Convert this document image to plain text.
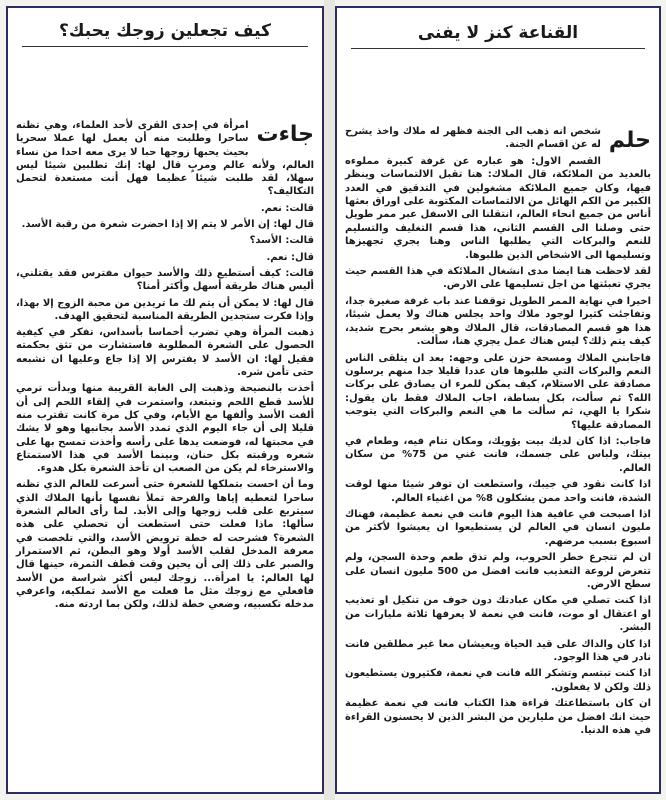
القناعة كنز لا يفنى
حلم

شخص انه ذهب الى الجنة فظهر له ملاك واخذ يشرح له عن اقسام الجنة.

القسم الاول: هو عباره عن غرفة كبيرة مملوءه بالعديد من الملائكة، قال الملاك: هنا تقبل الالتماسات وينظر فيها، وكان جميع الملائكة مشغولين في التدقيق في العدد الكبير من الكم الهائل من الالتماسات المكتوبة على اوراق بعثها أناس من جميع انحاء العالم، انتقلنا الى الاسفل عبر ممر طويل حتى وصلنا الى القسم الثاني، هذا قسم التغليف والتسليم للنعم والبركات التي يطلبها الناس وهنا يجري تجهيزها وتسليمها الى الاشخاص الذين طلبوها.

لقد لاحظت هنا ايضا مدى انشغال الملائكة في هذا القسم حيث يجري تعبئتها من اجل تسليمها على الارض.

اخيرا في نهاية الممر الطويل توقفنا عند باب غرفة صغيرة جدا، وتفاجئت كثيرا لوجود ملاك واحد يجلس هناك ولا يعمل شيئا، هذا هو قسم المصادقات، قال الملاك وهو يشعر بحرج شديد، كيف يتم ذلك؟ ليس هناك عمل يجري هنا، سألت.

فاجابني الملاك ومسحة حزن على وجهه: بعد ان يتلقى الناس النعم والبركات التي طلبوها فان عددا قليلا جدا منهم يرسلون مصادقة على الاستلام، كيف يمكن للمرء ان يصادق على بركات الله؟ ثم سألت، بكل بساطة، اجاب الملاك فقط بان يقول: شكرا يا الهي، ثم سألت ما هي النعم والبركات التي يتوجب المصادقة عليها؟

فاجاب: اذا كان لديك بيت يؤويك، ومكان تنام فيه، وطعام في بيتك، ولباس على جسمك، فانت غني من 75% من سكان العالم.

اذا كانت نقود في جيبك، واستطعت ان توفر شيئا منها لوقت الشدة، فانت واحد ممن يشكلون 8% من اغنياء العالم.

اذا اصبحت في عافية هذا اليوم فانت في نعمة عظيمة، فهناك مليون انسان في العالم لن يستطيعوا ان يعيشوا لأكثر من اسبوع بسبب مرضهم.

ان لم تتجرع خطر الحروب، ولم تذق طعم وحدة السجن، ولم تتعرض لروعة التعذيب فانت افضل من 500 مليون انسان على سطح الارض.

اذا كنت تصلي في مكان عبادتك دون خوف من تنكيل او تعذيب او اعتقال او موت، فانت في نعمة لا يعرفها ثلاثة مليارات من البشر.

اذا كان والداك على قيد الحياة ويعيشان معا غير مطلقين فانت نادر في هذا الوجود.

اذا كنت تبتسم وتشكر الله فانت في نعمة، فكثيرون يستطيعون ذلك ولكن لا يفعلون.

ان كان باستطاعتك قراءة هذا الكتاب فانت في نعمة عظيمة حيث انك افضل من مليارين من البشر الذين لا يحسنون القراءة في هذه الدنيا.

كيف تجعلين زوجك يحبك؟
جاءت

امرأة في إحدى القرى لأحد العلماء، وهي تظنه ساحرا وطلبت منه أن يعمل لها عملا سحريا بحيث يحبها زوجها حبا لا يرى معه احدا من نساء العالم، ولأنه عالم ومربٍ قال لها: إنك تطلبين شيئا ليس سهلا، لقد طلبت شيئا عظيما فهل أنت مستعدة لتحمل التكاليف؟

قالت: نعم.

قال لها: إن الأمر لا يتم إلا إذا احضرت شعرة من رقبة الأسد.

قالت: الأسد؟

قال: نعم.

قالت: كيف أستطيع ذلك والأسد حيوان مفترس فقد يقتلني، أليس هناك طريقة أسهل وأكثر أمنا؟

قال لها: لا يمكن أن يتم لك ما تريدين من محبة الزوج إلا بهذا، وإذا فكرت ستجدين الطريقة المناسبة لتحقيق الهدف.

ذهبت المرأة وهي تضرب أخماسا بأسداس، تفكر في كيفية الحصول على الشعرة المطلوبة فاستشارت من تثق بحكمته فقيل لها: ان الأسد لا يفترس إلا إذا جاع وعليها ان تشبعه حتى تأمن شره.

أخذت بالنصيحة وذهبت إلى الغابة القريبة منها وبدأت ترمي للأسد قطع اللحم وتبتعد، واستمرت في إلقاء اللحم إلى أن ألفت الأسد وألفها مع الأيام، وفي كل مرة كانت تقترب منه قليلا إلى أن جاء اليوم الذي تمدد الأسد بجانبها وهو لا يشك في محبتها له، فوضعت يدها على رأسه وأخذت تمسح بها على شعره ورقبته بكل حنان، وبينما الأسد في هذا الاستمتاع والاسترخاء لم يكن من الصعب ان تأخذ الشعرة بكل هدوء.

وما أن احست بتملكها للشعرة حتى أسرعت للعالم الذي تظنه ساحرا لتعطيه إياها والفرحة تملأ نفسها بأنها الملاك الذي سيتربع على قلب زوجها وإلى الأبد. لما رأى العالم الشعرة سألها: ماذا فعلت حتى استطعت أن تحصلي على هذه الشعرة؟ فشرحت له خطة ترويض الأسد، والتي تلخصت في معرفة المدخل لقلب الأسد أولا وهو البطن، ثم الاستمرار والصبر على ذلك إلى أن يحين وقت قطف الثمرة، حينها قال لها العالم: يا امرأة... زوجك ليس أكثر شراسة من الأسد فافعلي مع زوجك مثل ما فعلت مع الأسد تملكيه، واعرفي مدخله تكسبيه، وضعي خطة لذلك، ولكن بما اردته منه.
